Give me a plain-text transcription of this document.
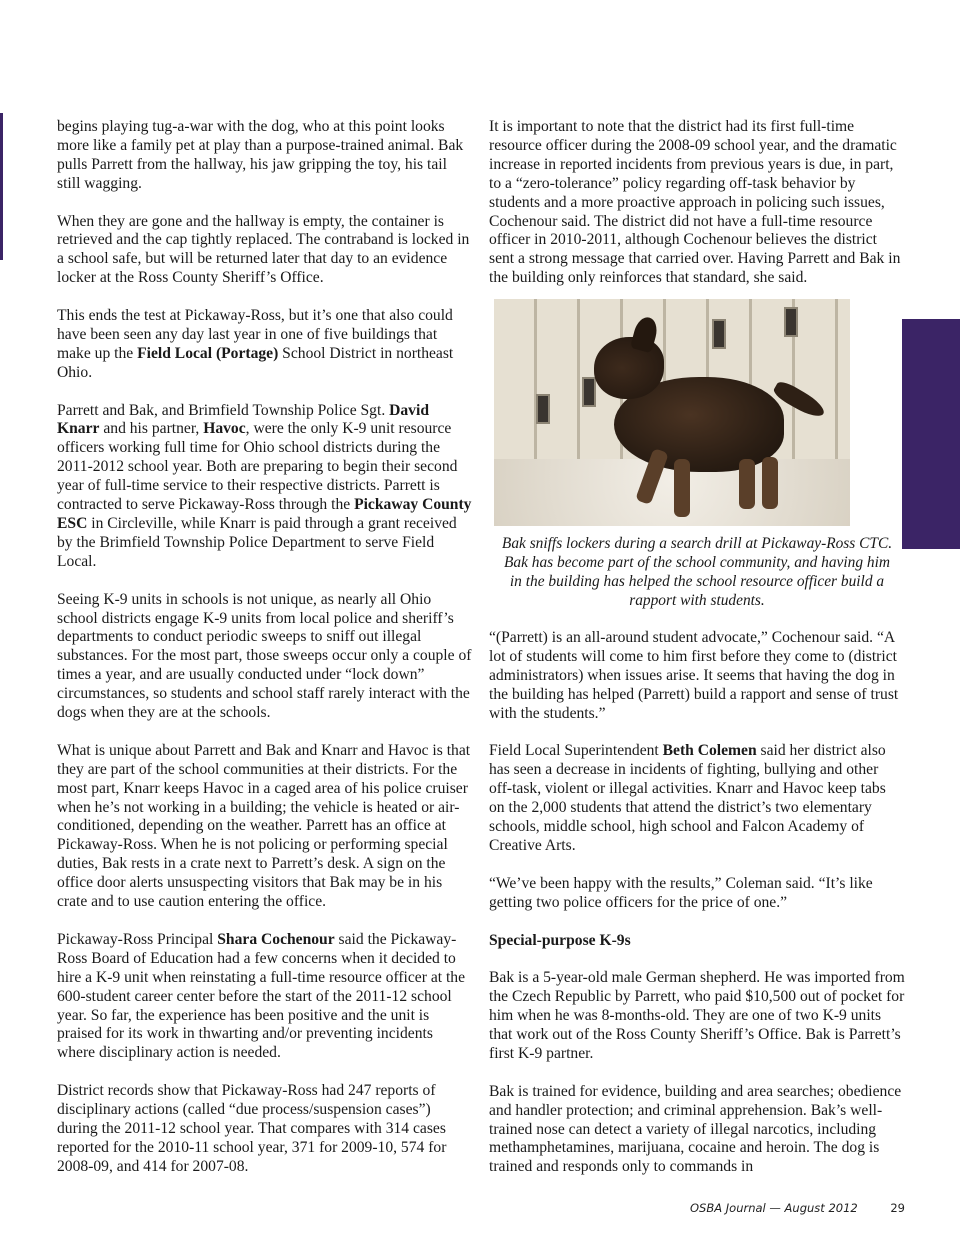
begins playing tug-a-war with the dog, who at this point looks more like a family pet at play than a purpose-trained animal. Bak pulls Parrett from the hallway, his jaw gripping the toy, his tail still wagging.

When they are gone and the hallway is empty, the container is retrieved and the cap tightly replaced. The contraband is locked in a school safe, but will be returned later that day to an evidence locker at the Ross County Sheriff’s Office.

This ends the test at Pickaway-Ross, but it’s one that also could have been seen any day last year in one of five buildings that make up the Field Local (Portage) School District in northeast Ohio.

Parrett and Bak, and Brimfield Township Police Sgt. David Knarr and his partner, Havoc, were the only K-9 unit resource officers working full time for Ohio school districts during the 2011-2012 school year. Both are preparing to begin their second year of full-time service to their respective districts. Parrett is contracted to serve Pickaway-Ross through the Pickaway County ESC in Circleville, while Knarr is paid through a grant received by the Brimfield Township Police Department to serve Field Local.

Seeing K-9 units in schools is not unique, as nearly all Ohio school districts engage K-9 units from local police and sheriff’s departments to conduct periodic sweeps to sniff out illegal substances. For the most part, those sweeps occur only a couple of times a year, and are usually conducted under “lock down” circumstances, so students and school staff rarely interact with the dogs when they are at the schools.

What is unique about Parrett and Bak and Knarr and Havoc is that they are part of the school communities at their districts. For the most part, Knarr keeps Havoc in a caged area of his police cruiser when he’s not working in a building; the vehicle is heated or air-conditioned, depending on the weather. Parrett has an office at Pickaway-Ross. When he is not policing or performing special duties, Bak rests in a crate next to Parrett’s desk. A sign on the office door alerts unsuspecting visitors that Bak may be in his crate and to use caution entering the office.

Pickaway-Ross Principal Shara Cochenour said the Pickaway-Ross Board of Education had a few concerns when it decided to hire a K-9 unit when reinstating a full-time resource officer at the 600-student career center before the start of the 2011-12 school year. So far, the experience has been positive and the unit is praised for its work in thwarting and/or preventing incidents where disciplinary action is needed.

District records show that Pickaway-Ross had 247 reports of disciplinary actions (called “due process/suspension cases”) during the 2011-12 school year. That compares with 314 cases reported for the 2010-11 school year, 371 for 2009-10, 574 for 2008-09, and 414 for 2007-08.

It is important to note that the district had its first full-time resource officer during the 2008-09 school year, and the dramatic increase in reported incidents from previous years is due, in part, to a “zero-tolerance” policy regarding off-task behavior by students and a more proactive approach in policing such issues, Cochenour said. The district did not have a full-time resource officer in 2010-2011, although Cochenour believes the district sent a strong message that carried over. Having Parrett and Bak in the building only reinforces that standard, she said.

Bak sniffs lockers during a search drill at Pickaway-Ross CTC. Bak has become part of the school community, and having him in the building has helped the school resource officer build a rapport with students.

“(Parrett) is an all-around student advocate,” Cochenour said. “A lot of students will come to him first before they come to (district administrators) when issues arise. It seems that having the dog in the building has helped (Parrett) build a rapport and sense of trust with the students.”

Field Local Superintendent Beth Colemen said her district also has seen a decrease in incidents of fighting, bullying and other off-task, violent or illegal activities. Knarr and Havoc keep tabs on the 2,000 students that attend the district’s two elementary schools, middle school, high school and Falcon Academy of Creative Arts.

“We’ve been happy with the results,” Coleman said. “It’s like getting two police officers for the price of one.”

Special-purpose K-9s

Bak is a 5-year-old male German shepherd. He was imported from the Czech Republic by Parrett, who paid $10,500 out of pocket for him when he was 8-months-old. They are one of two K-9 units that work out of the Ross County Sheriff’s Office. Bak is Parrett’s first K-9 partner.

Bak is trained for evidence, building and area searches; obedience and handler protection; and criminal apprehension. Bak’s well-trained nose can detect a variety of illegal narcotics, including methamphetamines, marijuana, cocaine and heroin. The dog is trained and responds only to commands in

OSBA Journal — August 2012	29
